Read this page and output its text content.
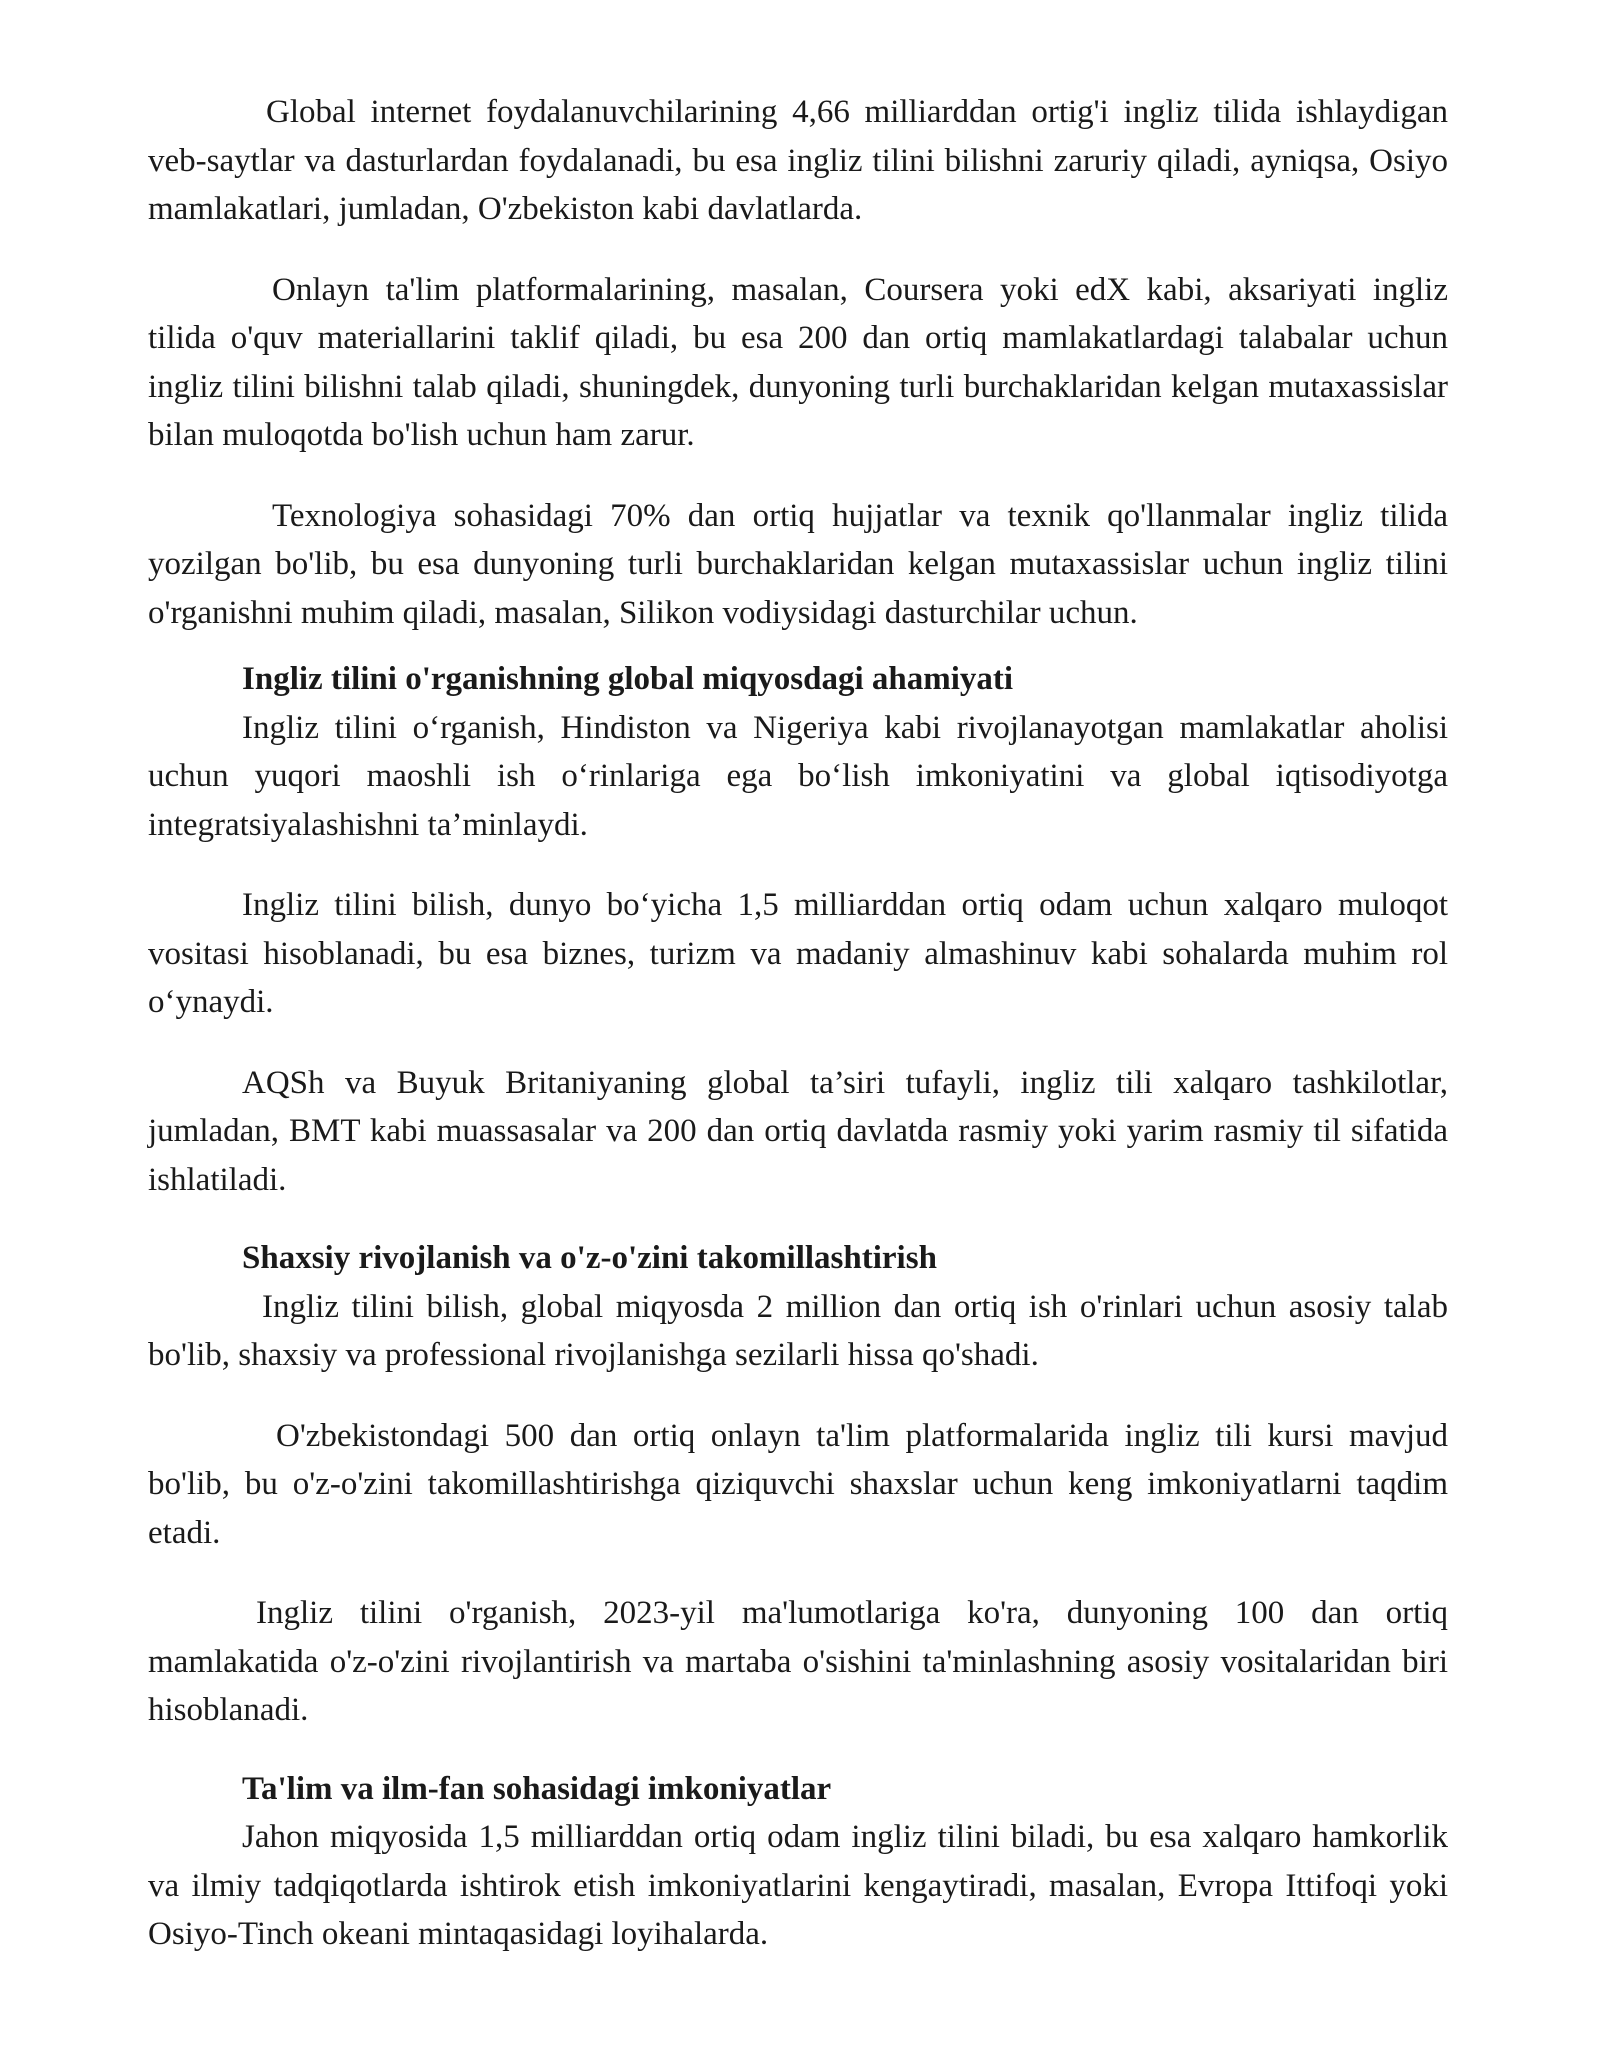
Global internet foydalanuvchilarining 4,66 milliarddan ortig'i ingliz tilida ishlaydigan veb-saytlar va dasturlardan foydalanadi, bu esa ingliz tilini bilishni zaruriy qiladi, ayniqsa, Osiyo mamlakatlari, jumladan, O'zbekiston kabi davlatlarda.

Onlayn ta'lim platformalarining, masalan, Coursera yoki edX kabi, aksariyati ingliz tilida o'quv materiallarini taklif qiladi, bu esa 200 dan ortiq mamlakatlardagi talabalar uchun ingliz tilini bilishni talab qiladi, shuningdek, dunyoning turli burchaklaridan kelgan mutaxassislar bilan muloqotda bo'lish uchun ham zarur.

Texnologiya sohasidagi 70% dan ortiq hujjatlar va texnik qo'llanmalar ingliz tilida yozilgan bo'lib, bu esa dunyoning turli burchaklaridan kelgan mutaxassislar uchun ingliz tilini o'rganishni muhim qiladi, masalan, Silikon vodiysidagi dasturchilar uchun.

Ingliz tilini o'rganishning global miqyosdagi ahamiyati

Ingliz tilini o‘rganish, Hindiston va Nigeriya kabi rivojlanayotgan mamlakatlar aholisi uchun yuqori maoshli ish o‘rinlariga ega bo‘lish imkoniyatini va global iqtisodiyotga integratsiyalashishni ta’minlaydi.

Ingliz tilini bilish, dunyo bo‘yicha 1,5 milliarddan ortiq odam uchun xalqaro muloqot vositasi hisoblanadi, bu esa biznes, turizm va madaniy almashinuv kabi sohalarda muhim rol o‘ynaydi.

AQSh va Buyuk Britaniyaning global ta’siri tufayli, ingliz tili xalqaro tashkilotlar, jumladan, BMT kabi muassasalar va 200 dan ortiq davlatda rasmiy yoki yarim rasmiy til sifatida ishlatiladi.

Shaxsiy rivojlanish va o'z-o'zini takomillashtirish

Ingliz tilini bilish, global miqyosda 2 million dan ortiq ish o'rinlari uchun asosiy talab bo'lib, shaxsiy va professional rivojlanishga sezilarli hissa qo'shadi.

O'zbekistondagi 500 dan ortiq onlayn ta'lim platformalarida ingliz tili kursi mavjud bo'lib, bu o'z-o'zini takomillashtirishga qiziquvchi shaxslar uchun keng imkoniyatlarni taqdim etadi.

Ingliz tilini o'rganish, 2023-yil ma'lumotlariga ko'ra, dunyoning 100 dan ortiq mamlakatida o'z-o'zini rivojlantirish va martaba o'sishini ta'minlashning asosiy vositalaridan biri hisoblanadi.

Ta'lim va ilm-fan sohasidagi imkoniyatlar

Jahon miqyosida 1,5 milliarddan ortiq odam ingliz tilini biladi, bu esa xalqaro hamkorlik va ilmiy tadqiqotlarda ishtirok etish imkoniyatlarini kengaytiradi, masalan, Evropa Ittifoqi yoki Osiyo-Tinch okeani mintaqasidagi loyihalarda.
